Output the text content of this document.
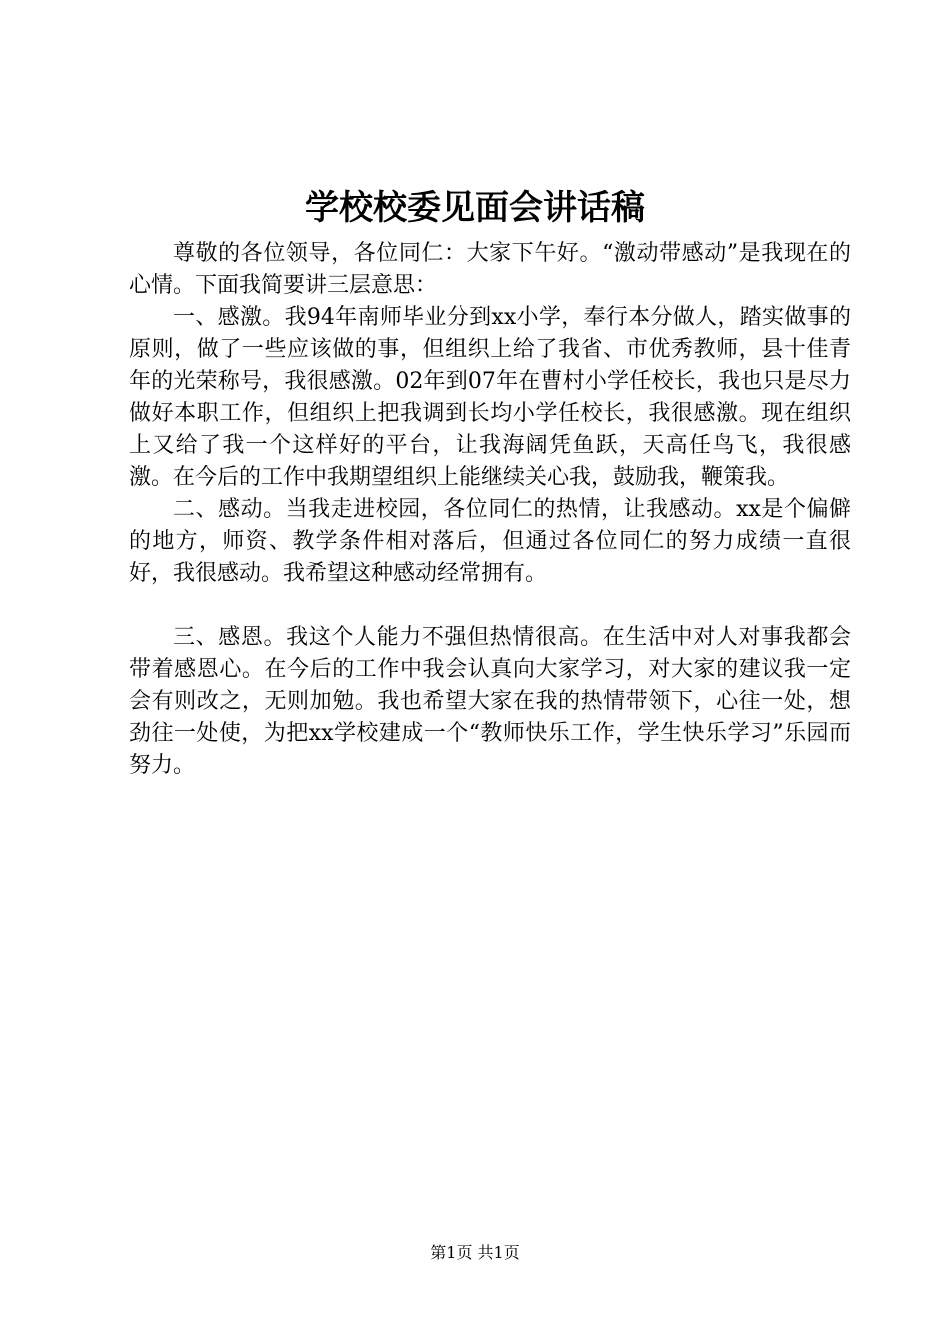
学校校委见面会讲话稿

尊敬的各位领导，各位同仁：大家下午好。“激动带感动”是我现在的心情。下面我简要讲三层意思：

一、感激。我94年南师毕业分到xx小学，奉行本分做人，踏实做事的原则，做了一些应该做的事，但组织上给了我省、市优秀教师，县十佳青年的光荣称号，我很感激。02年到07年在曹村小学任校长，我也只是尽力做好本职工作，但组织上把我调到长均小学任校长，我很感激。现在组织上又给了我一个这样好的平台，让我海阔凭鱼跃，天高任鸟飞，我很感激。在今后的工作中我期望组织上能继续关心我，鼓励我，鞭策我。

二、感动。当我走进校园，各位同仁的热情，让我感动。xx是个偏僻的地方，师资、教学条件相对落后，但通过各位同仁的努力成绩一直很好，我很感动。我希望这种感动经常拥有。

三、感恩。我这个人能力不强但热情很高。在生活中对人对事我都会带着感恩心。在今后的工作中我会认真向大家学习，对大家的建议我一定会有则改之，无则加勉。我也希望大家在我的热情带领下，心往一处，想劲往一处使，为把xx学校建成一个“教师快乐工作，学生快乐学习”乐园而努力。

第1页 共1页
